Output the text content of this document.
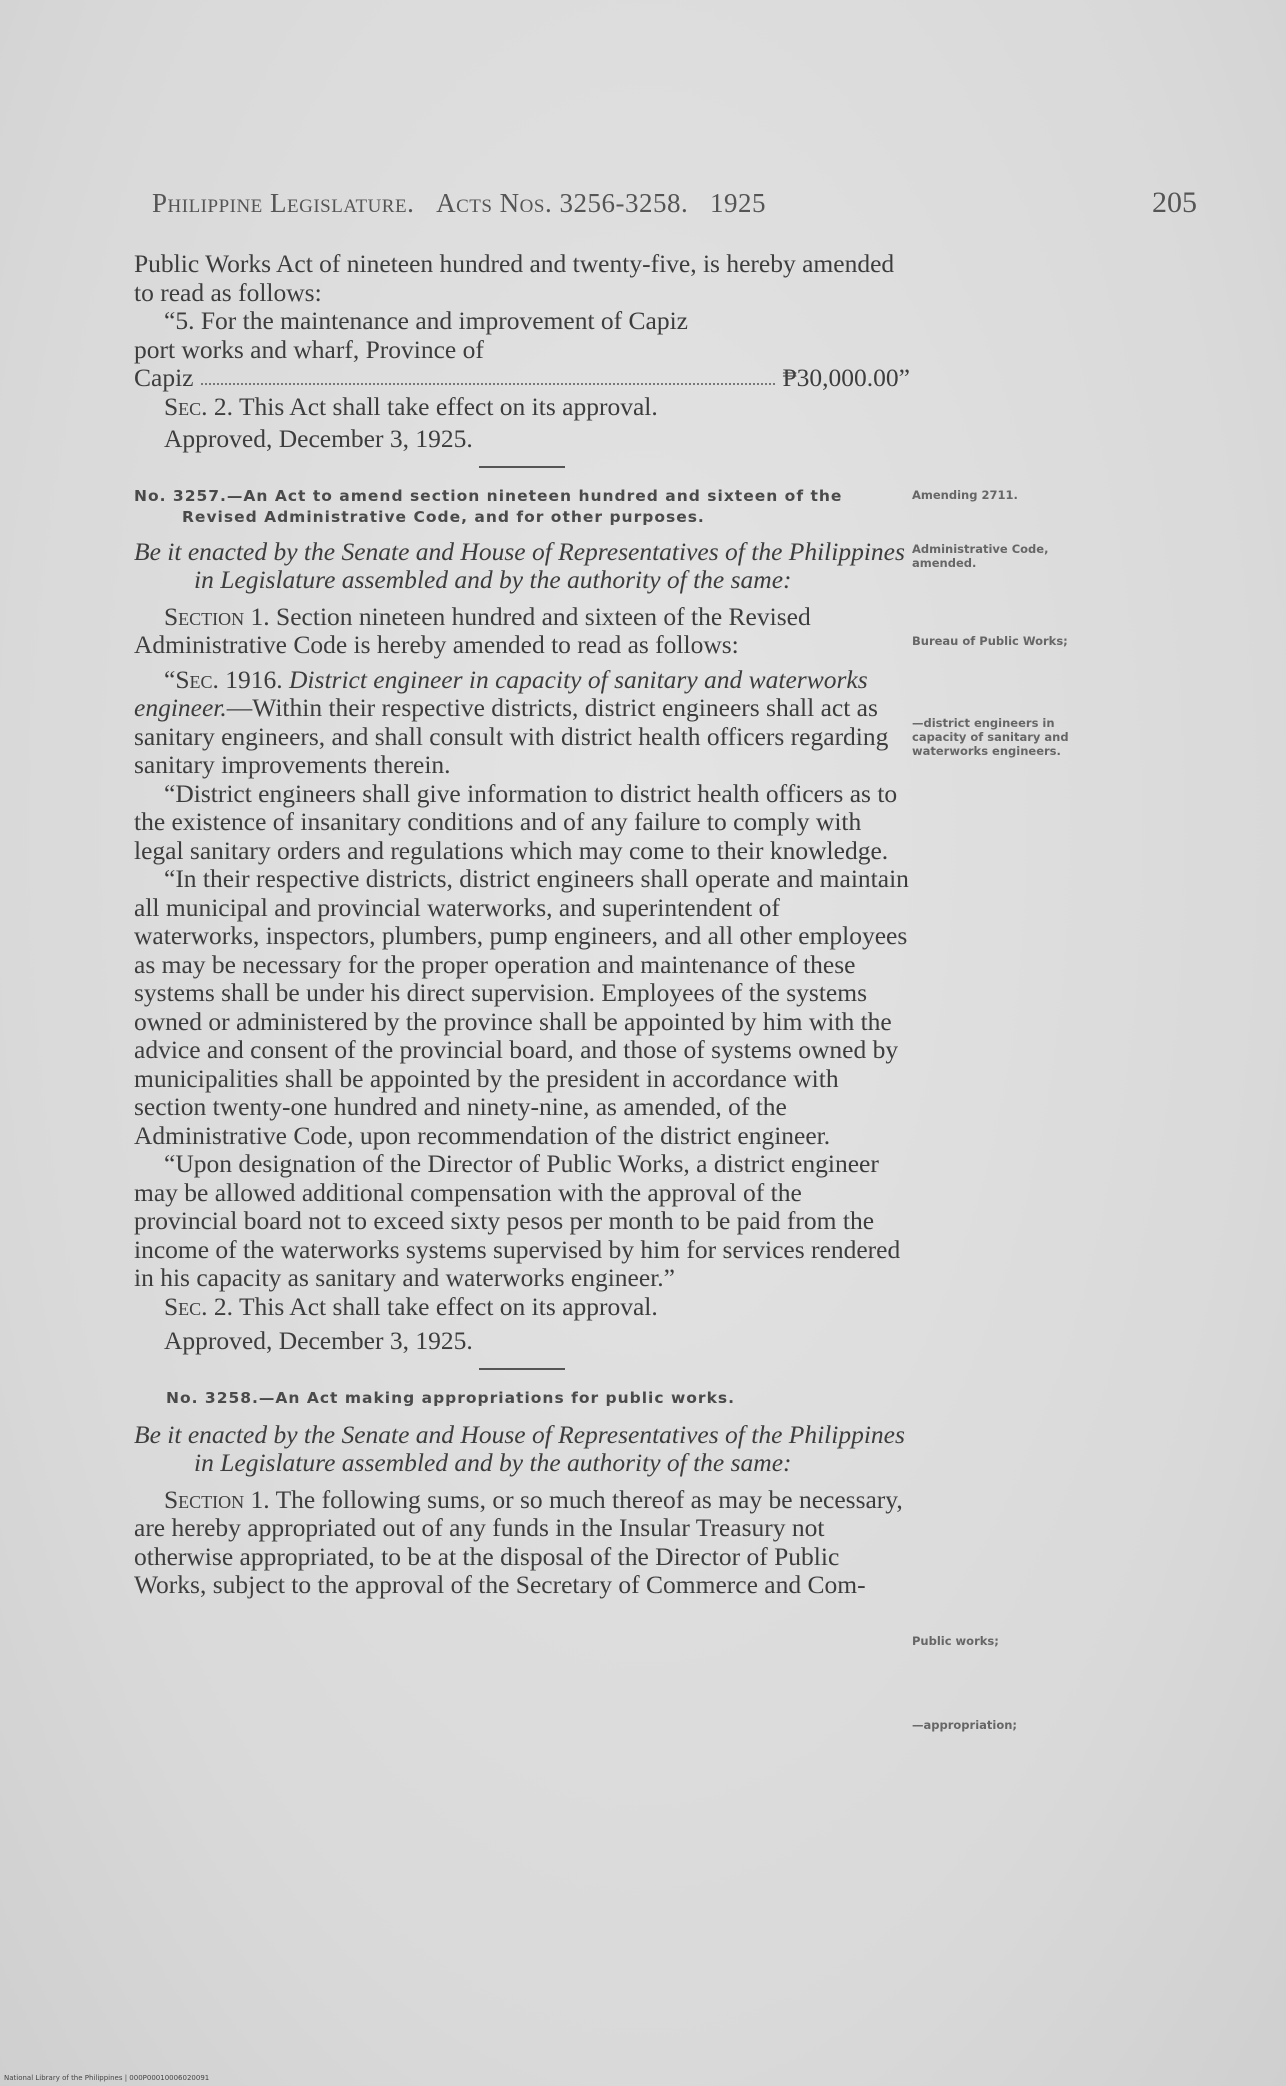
Philippine Legislature. Acts Nos. 3256-3258. 1925	205

Public Works Act of nineteen hundred and twenty-five, is hereby amended to read as follows:

“5. For the maintenance and improvement of Capiz port works and wharf, Province of

Capiz	₱30,000.00”

Sec. 2. This Act shall take effect on its approval.

Approved, December 3, 1925.

No. 3257.—An Act to amend section nineteen hundred and sixteen of the Revised Administrative Code, and for other purposes.

Be it enacted by the Senate and House of Representatives of the Philippines in Legislature assembled and by the authority of the same:

Section 1. Section nineteen hundred and sixteen of the Revised Administrative Code is hereby amended to read as follows:

“Sec. 1916. District engineer in capacity of sanitary and waterworks engineer.—Within their respective districts, district engineers shall act as sanitary engineers, and shall consult with district health officers regarding sanitary improvements therein.

“District engineers shall give information to district health officers as to the existence of insanitary conditions and of any failure to comply with legal sanitary orders and regulations which may come to their knowledge.

“In their respective districts, district engineers shall operate and maintain all municipal and provincial waterworks, and superintendent of waterworks, inspectors, plumbers, pump engineers, and all other employees as may be necessary for the proper operation and maintenance of these systems shall be under his direct supervision. Employees of the systems owned or administered by the province shall be appointed by him with the advice and consent of the provincial board, and those of systems owned by municipalities shall be appointed by the president in accordance with section twenty-one hundred and ninety-nine, as amended, of the Administrative Code, upon recommendation of the district engineer.

“Upon designation of the Director of Public Works, a district engineer may be allowed additional compensation with the approval of the provincial board not to exceed sixty pesos per month to be paid from the income of the waterworks systems supervised by him for services rendered in his capacity as sanitary and waterworks engineer.”

Sec. 2. This Act shall take effect on its approval.

Approved, December 3, 1925.

No. 3258.—An Act making appropriations for public works.

Be it enacted by the Senate and House of Representatives of the Philippines in Legislature assembled and by the authority of the same:

Section 1. The following sums, or so much thereof as may be necessary, are hereby appropriated out of any funds in the Insular Treasury not otherwise appropriated, to be at the disposal of the Director of Public Works, subject to the approval of the Secretary of Commerce and Com-

Amending 2711.
Administrative Code, amended.
Bureau of Public Works;
—district engineers in capacity of sanitary and waterworks engineers.
Public works;
—appropriation;
National Library of the Philippines | 000P00010006020091
